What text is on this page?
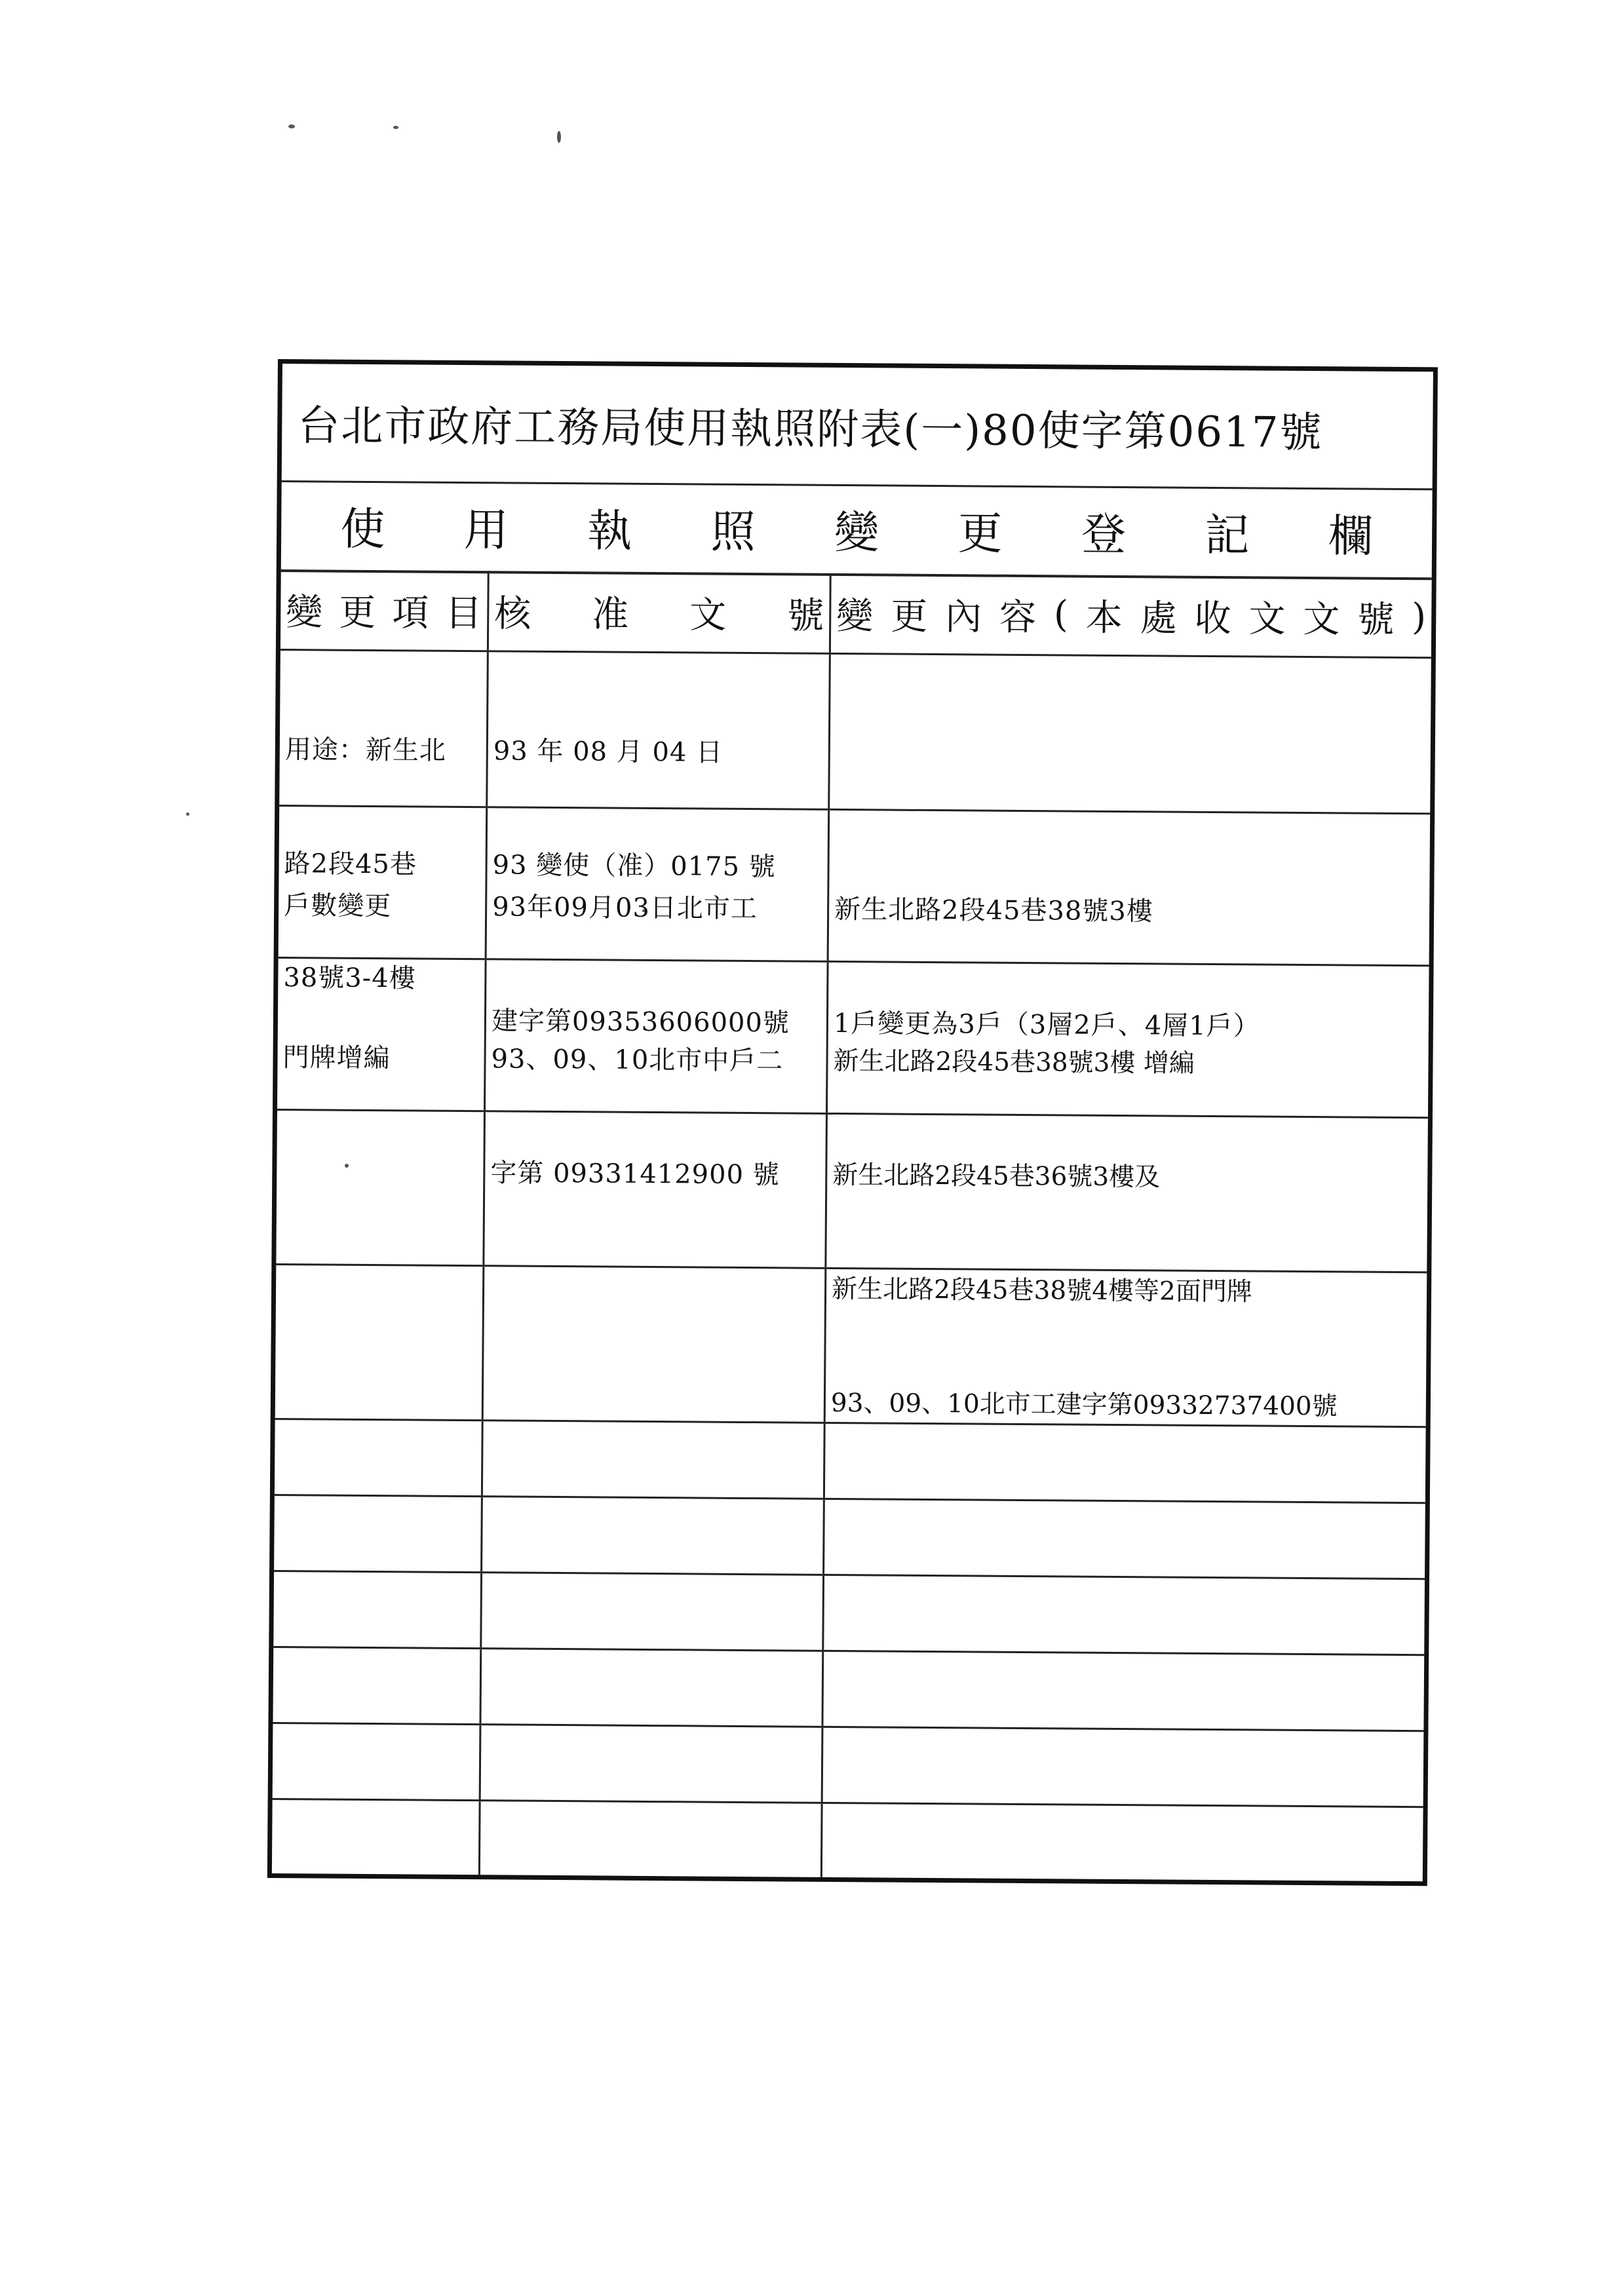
台北市政府工務局使用執照附表(一)80使字第0617號
使 用 執 照 變 更 登 記 欄
變 更 項 目 核 准 文 號 變 更 內 容 ( 本 處 收 文 文 號 )

用途：新生北

路2段45巷

38號3-4樓

93 年 08 月 04 日

93 變使（准）0175 號

戶數變更

	93年09月03日北市工

建字第09353606000號

新生北路2段45巷38號3樓

1戶變更為3戶（3層2戶、4層1戶）

門牌增編

	93、09、10北市中戶二

字第 09331412900 號

新生北路2段45巷38號3樓 增編

新生北路2段45巷36號3樓及

新生北路2段45巷38號4樓等2面門牌

93、09、10北市工建字第09332737400號
